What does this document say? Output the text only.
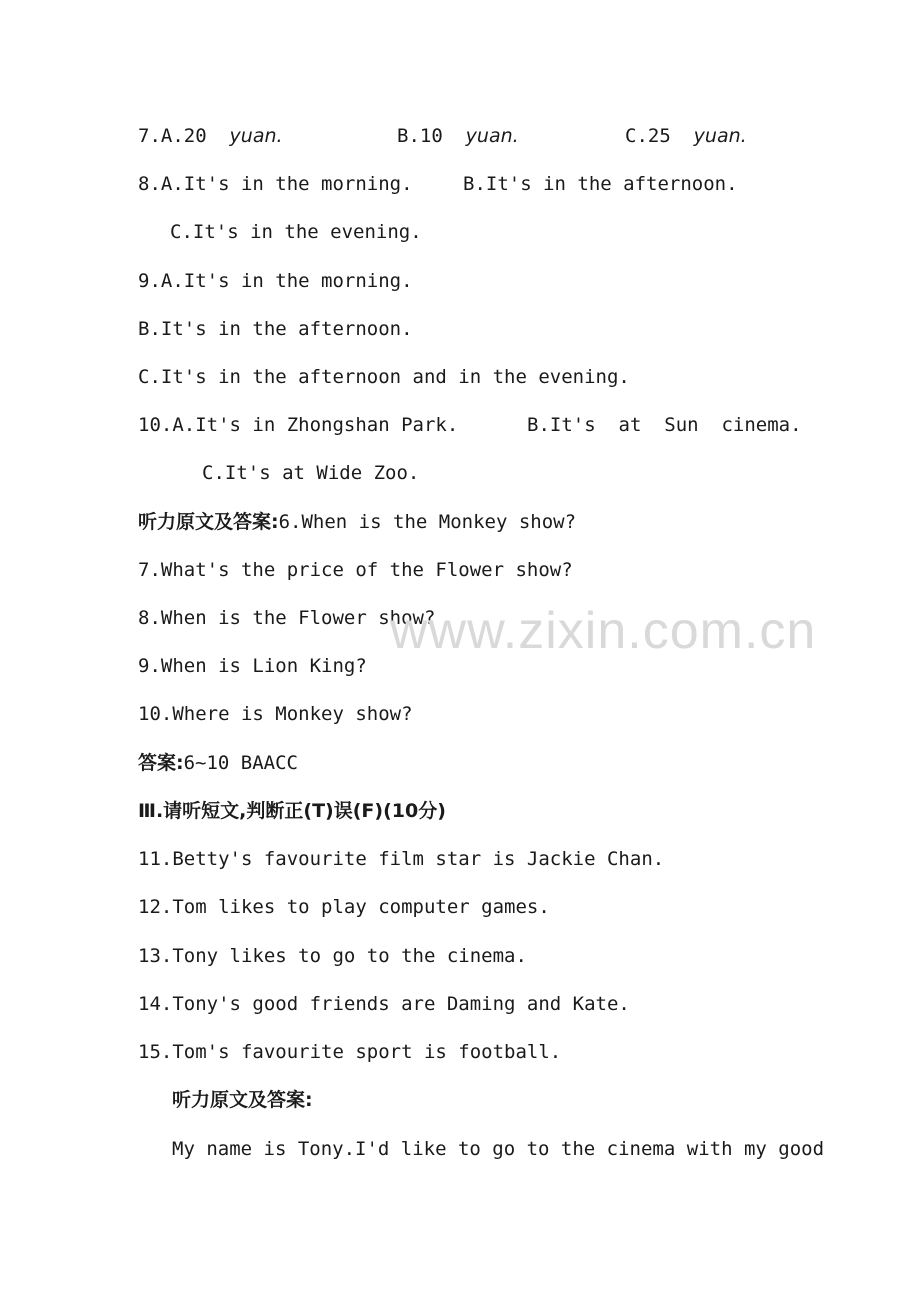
7.A.20 yuan.	B.10 yuan.	C.25 yuan.
8.A.It's in the morning.	B.It's in the afternoon.
C.It's in the evening.
9.A.It's in the morning.
B.It's in the afternoon.
C.It's in the afternoon and in the evening.
10.A.It's in Zhongshan Park.	B.It's  at  Sun  cinema.
C.It's at Wide Zoo.
听力原文及答案:6.When is the Monkey show?
7.What's the price of the Flower show?
8.When is the Flower show?
9.When is Lion King?
10.Where is Monkey show?
答案:6~10 BAACC
Ⅲ.请听短文,判断正(T)误(F)(10分)
11.Betty's favourite film star is Jackie Chan.
12.Tom likes to play computer games.
13.Tony likes to go to the cinema.
14.Tony's good friends are Daming and Kate.
15.Tom's favourite sport is football.
听力原文及答案:
My name is Tony.I'd like to go to the cinema with my good
www.zixin.com.cn
